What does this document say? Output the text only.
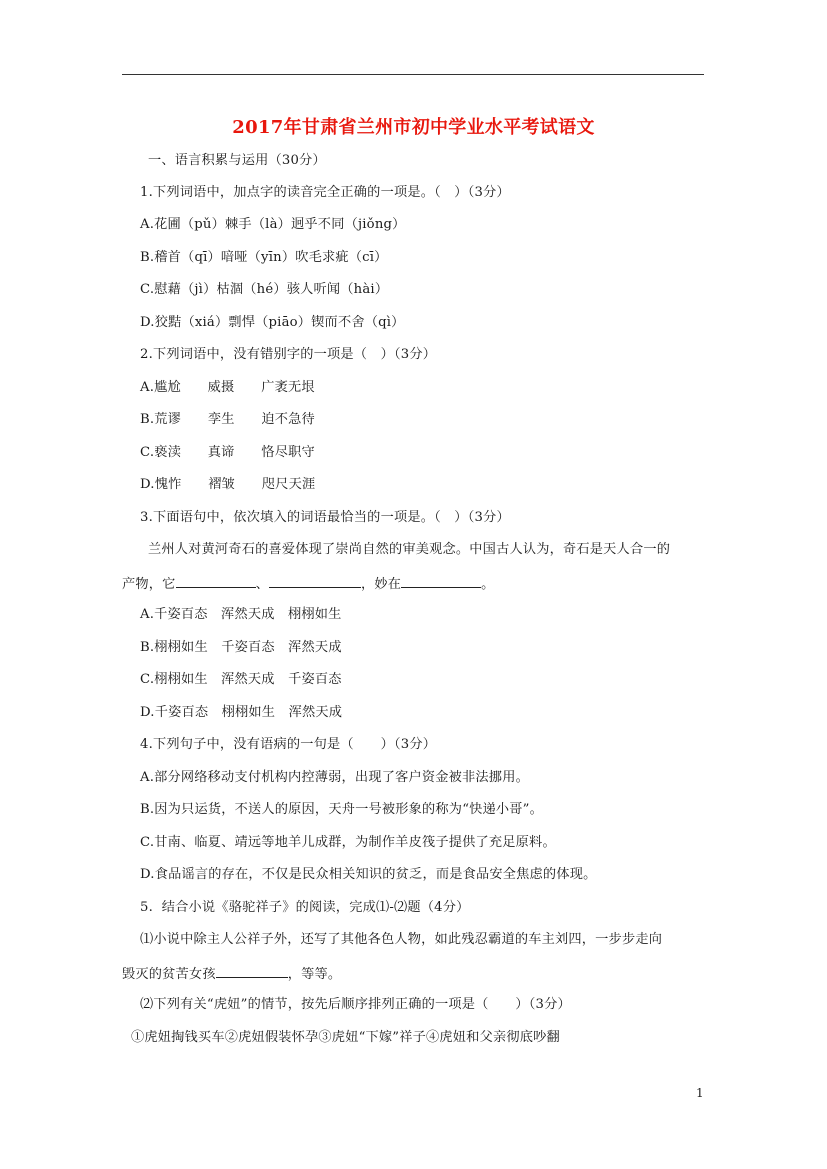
2017年甘肃省兰州市初中学业水平考试语文
一、语言积累与运用（30分）
1.下列词语中，加点字的读音完全正确的一项是。（　）（3分）
A.花圃（pǔ）棘手（là）迥乎不同（jiǒng）
B.稽首（qī）喑哑（yīn）吹毛求疵（cī）
C.慰藉（jì）枯涸（hé）骇人听闻（hài）
D.狡黠（xiá）剽悍（piāo）锲而不舍（qì）
2.下列词语中，没有错别字的一项是（　）（3分）
A.尴尬　　威摄　　广袤无垠
B.荒谬　　孪生　　迫不急待
C.亵渎　　真谛　　恪尽职守
D.愧怍　　褶皱　　咫尺天涯
3.下面语句中，依次填入的词语最恰当的一项是。（　）（3分）
兰州人对黄河奇石的喜爱体现了崇尚自然的审美观念。中国古人认为，奇石是天人合一的
产物，它	、	，妙在	。
A.千姿百态　浑然天成　栩栩如生
B.栩栩如生　千姿百态　浑然天成
C.栩栩如生　浑然天成　千姿百态
D.千姿百态　栩栩如生　浑然天成
4.下列句子中，没有语病的一句是（　　）（3分）
A.部分网络移动支付机构内控薄弱，出现了客户资金被非法挪用。
B.因为只运货，不送人的原因，天舟一号被形象的称为“快递小哥”。
C.甘南、临夏、靖远等地羊儿成群，为制作羊皮筏子提供了充足原料。
D.食品谣言的存在，不仅是民众相关知识的贫乏，而是食品安全焦虑的体现。
5.  结合小说《骆驼祥子》的阅读，完成⑴-⑵题（4分）
⑴小说中除主人公祥子外，还写了其他各色人物，如此残忍霸道的车主刘四，一步步走向
毁灭的贫苦女孩	，等等。
⑵下列有关“虎妞”的情节，按先后顺序排列正确的一项是（　　）（3分）
①虎妞掏钱买车②虎妞假装怀孕③虎妞“下嫁”祥子④虎妞和父亲彻底吵翻
1
